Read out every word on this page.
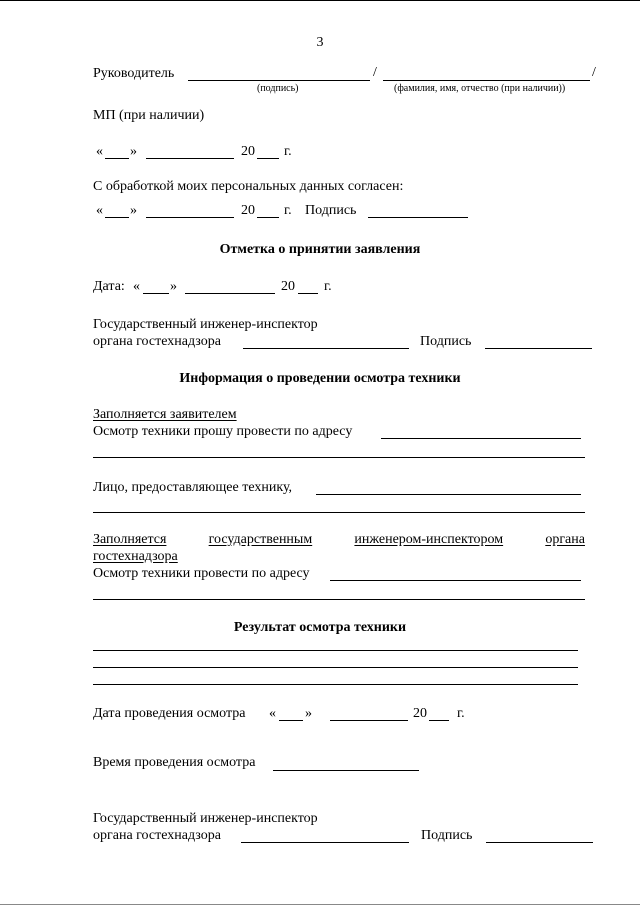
3
Руководитель	/	/
(подпись)	(фамилия, имя, отчество (при наличии))
МП (при наличии)
« »	20 г.
С обработкой моих персональных данных согласен:
« »	20 г. Подпись
Отметка о принятии заявления
Дата: « »	20 г.
Государственный инженер-инспектор
органа гостехнадзора	Подпись
Информация о проведении осмотра техники
Заполняется заявителем
Осмотр техники прошу провести по адресу
Лицо, предоставляющее технику,
Заполняется	государственным	инженером-инспектором	органа
гостехнадзора
Осмотр техники провести по адресу
Результат осмотра техники
Дата проведения осмотра « »	20 г.
Время проведения осмотра
Государственный инженер-инспектор
органа гостехнадзора	Подпись
